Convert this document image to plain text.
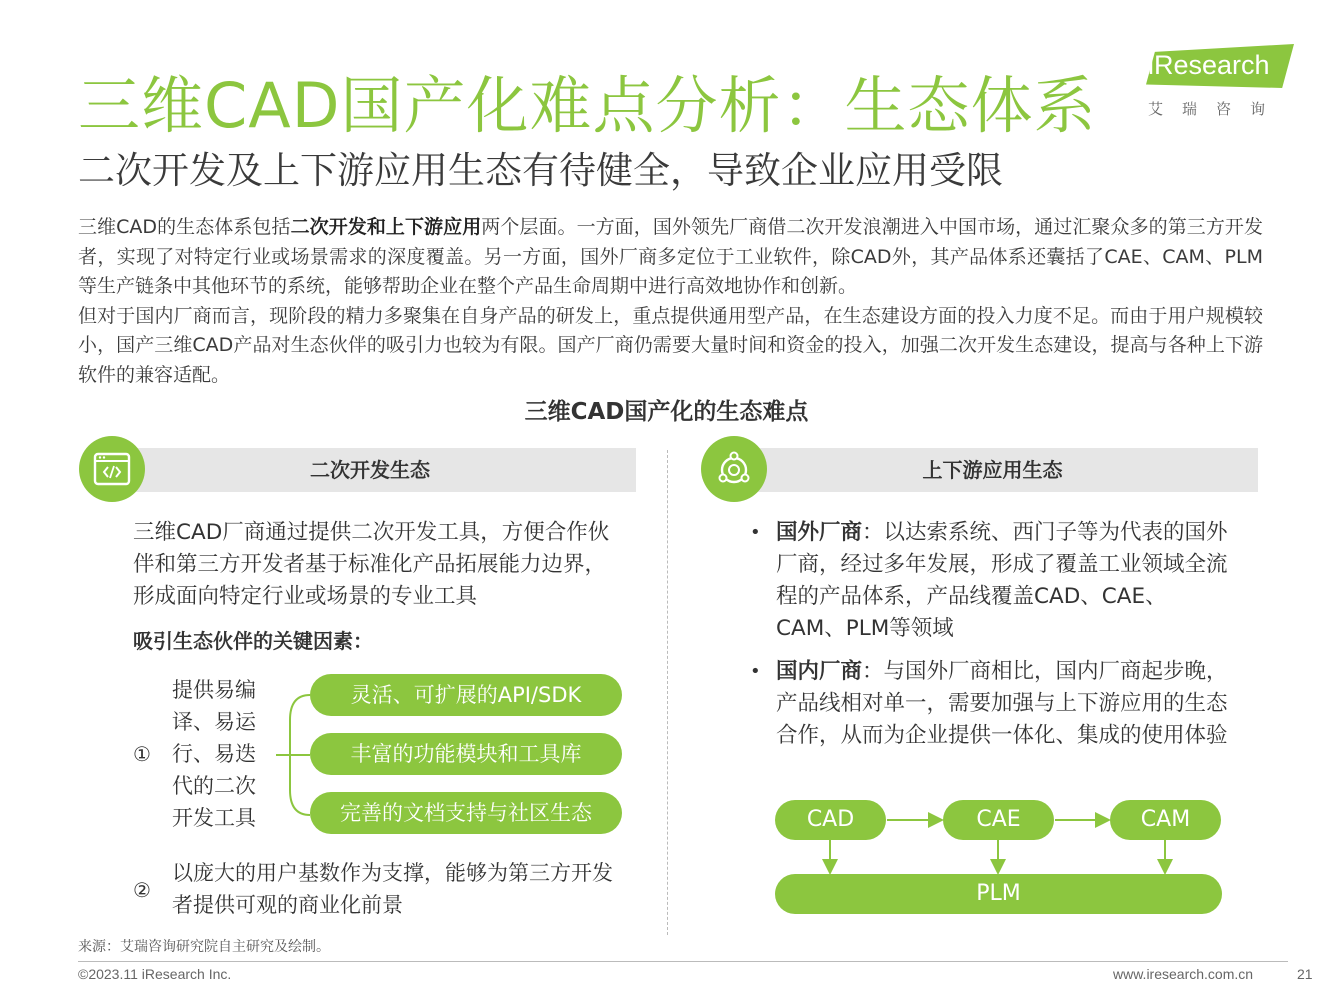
三维CAD国产化难点分析：生态体系
二次开发及上下游应用生态有待健全，导致企业应用受限
iResearch
艾瑞咨询

三维CAD的生态体系包括二次开发和上下游应用两个层面。一方面，国外领先厂商借二次开发浪潮进入中国市场，通过汇聚众多的第三方开发者，实现了对特定行业或场景需求的深度覆盖。另一方面，国外厂商多定位于工业软件，除CAD外，其产品体系还囊括了CAE、CAM、PLM等生产链条中其他环节的系统，能够帮助企业在整个产品生命周期中进行高效地协作和创新。

但对于国内厂商而言，现阶段的精力多聚集在自身产品的研发上，重点提供通用型产品，在生态建设方面的投入力度不足。而由于用户规模较小，国产三维CAD产品对生态伙伴的吸引力也较为有限。国产厂商仍需要大量时间和资金的投入，加强二次开发生态建设，提高与各种上下游软件的兼容适配。

三维CAD国产化的生态难点
二次开发生态
三维CAD厂商通过提供二次开发工具，方便合作伙伴和第三方开发者基于标准化产品拓展能力边界，形成面向特定行业或场景的专业工具
吸引生态伙伴的关键因素：
①
提供易编译、易运行、易迭代的二次开发工具
灵活、可扩展的API/SDK
丰富的功能模块和工具库
完善的文档支持与社区生态
②
以庞大的用户基数作为支撑，能够为第三方开发者提供可观的商业化前景
上下游应用生态
• 国外厂商：以达索系统、西门子等为代表的国外厂商，经过多年发展，形成了覆盖工业领域全流程的产品体系，产品线覆盖CAD、CAE、CAM、PLM等领域
• 国内厂商：与国外厂商相比，国内厂商起步晚，产品线相对单一，需要加强与上下游应用的生态合作，从而为企业提供一体化、集成的使用体验
CAD	CAE	CAM
PLM
来源：艾瑞咨询研究院自主研究及绘制。
©2023.11 iResearch Inc.	www.iresearch.com.cn	21
